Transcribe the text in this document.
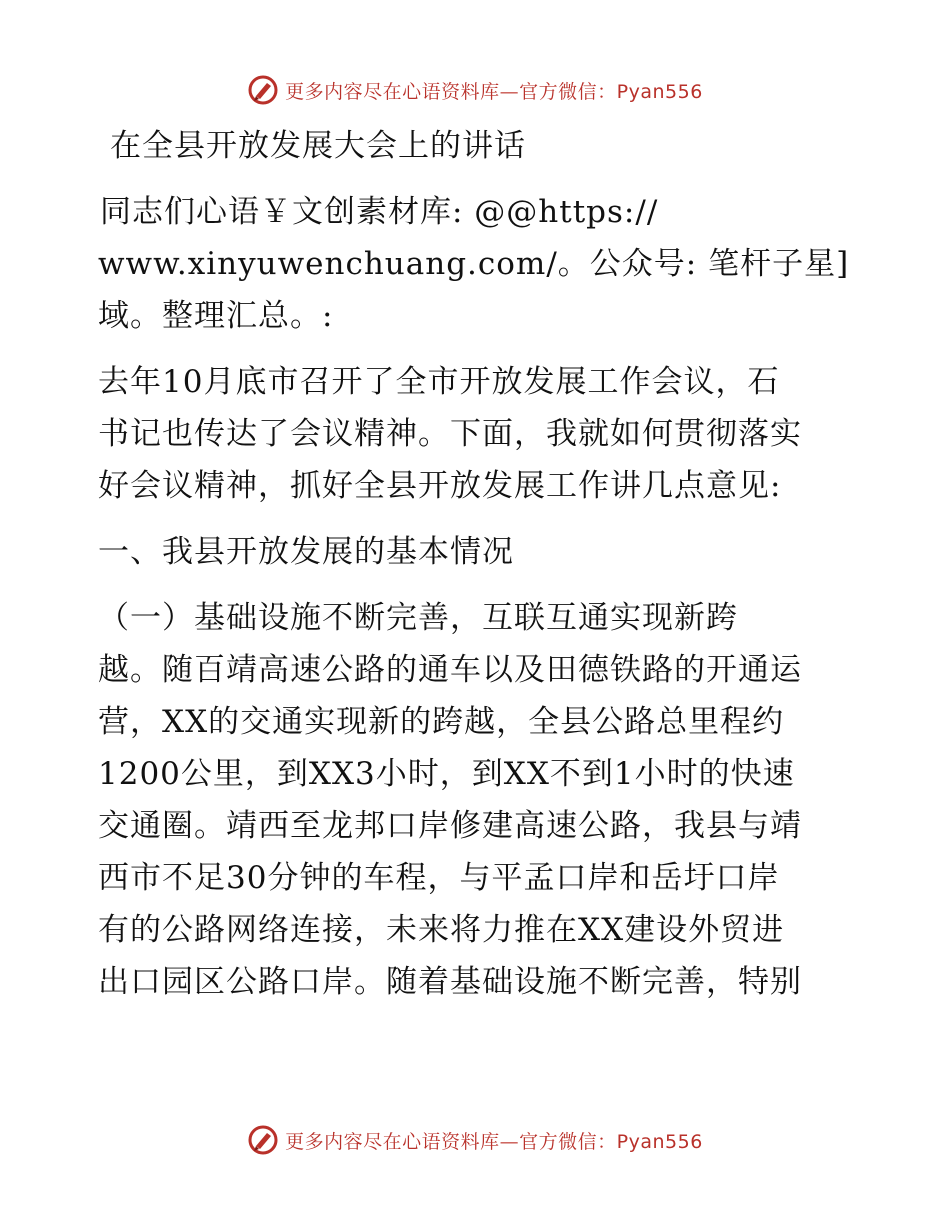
更多内容尽在心语资料库—官方微信：Pyan556
在全县开放发展大会上的讲话
同志们心语￥文创素材库: @@https://
www.xinyuwenchuang.com/。公众号: 笔杆子星]
域。整理汇总。:
去年10月底市召开了全市开放发展工作会议，石
书记也传达了会议精神。下面，我就如何贯彻落实
好会议精神，抓好全县开放发展工作讲几点意见:
一、我县开放发展的基本情况
（一）基础设施不断完善，互联互通实现新跨
越。随百靖高速公路的通车以及田德铁路的开通运
营，XX的交通实现新的跨越，全县公路总里程约
1200公里，到XX3小时，到XX不到1小时的快速
交通圈。靖西至龙邦口岸修建高速公路，我县与靖
西市不足30分钟的车程，与平孟口岸和岳圩口岸
有的公路网络连接，未来将力推在XX建设外贸进
出口园区公路口岸。随着基础设施不断完善，特别
更多内容尽在心语资料库—官方微信：Pyan556
